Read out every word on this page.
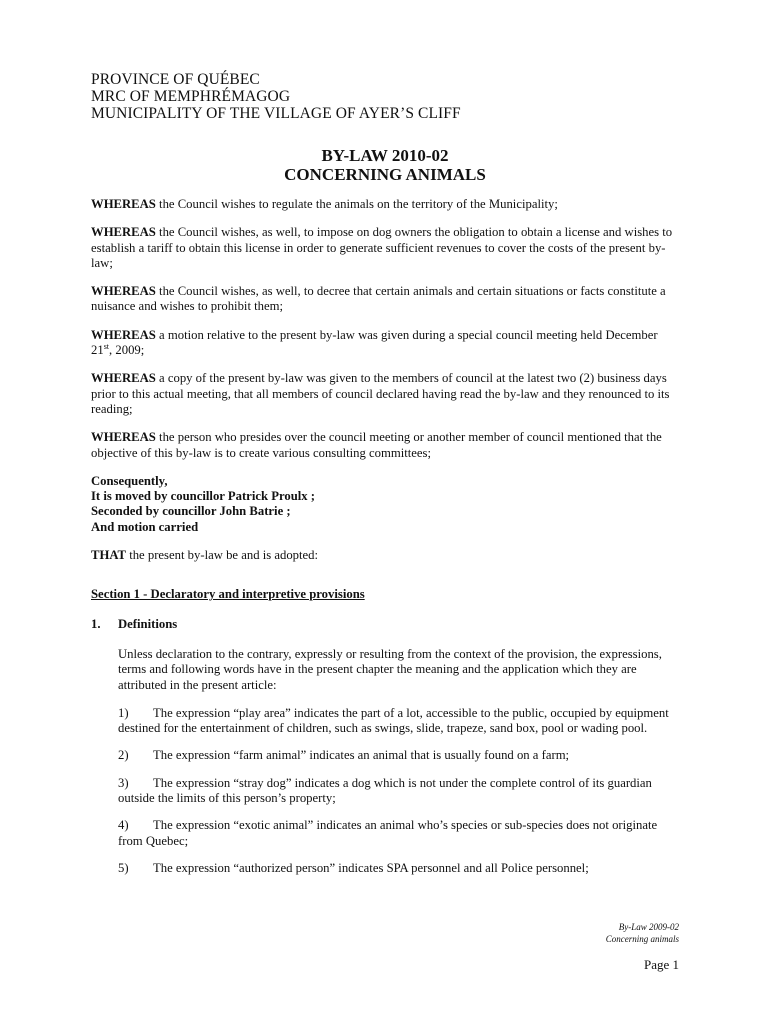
PROVINCE OF QUÉBEC
MRC OF MEMPHRÉMAGOG
MUNICIPALITY OF THE VILLAGE OF AYER’S CLIFF
BY-LAW 2010-02
CONCERNING ANIMALS

WHEREAS the Council wishes to regulate the animals on the territory of the Municipality;

WHEREAS the Council wishes, as well, to impose on dog owners the obligation to obtain a license and wishes to establish a tariff to obtain this license in order to generate sufficient revenues to cover the costs of the present by-law;

WHEREAS the Council wishes, as well, to decree that certain animals and certain situations or facts constitute a nuisance and wishes to prohibit them;

WHEREAS a motion relative to the present by-law was given during a special council meeting held December 21st, 2009;

WHEREAS a copy of the present by-law was given to the members of council at the latest two (2) business days prior to this actual meeting, that all members of council declared having read the by-law and they renounced to its reading;

WHEREAS the person who presides over the council meeting or another member of council mentioned that the objective of this by-law is to create various consulting committees;

Consequently,
It is moved by councillor Patrick Proulx ;
Seconded by councillor John Batrie ;
And motion carried

THAT the present by-law be and is adopted:

Section 1 - Declaratory and interpretive provisions
1. Definitions

Unless declaration to the contrary, expressly or resulting from the context of the provision, the expressions, terms and following words have in the present chapter the meaning and the application which they are attributed in the present article:

1) The expression “play area” indicates the part of a lot, accessible to the public, occupied by equipment destined for the entertainment of children, such as swings, slide, trapeze, sand box, pool or wading pool.

2) The expression “farm animal” indicates an animal that is usually found on a farm;

3) The expression “stray dog” indicates a dog which is not under the complete control of its guardian outside the limits of this person’s property;

4) The expression “exotic animal” indicates an animal who’s species or sub-species does not originate from Quebec;

5) The expression “authorized person” indicates SPA personnel and all Police personnel;

By-Law 2009-02
Concerning animals
Page 1
